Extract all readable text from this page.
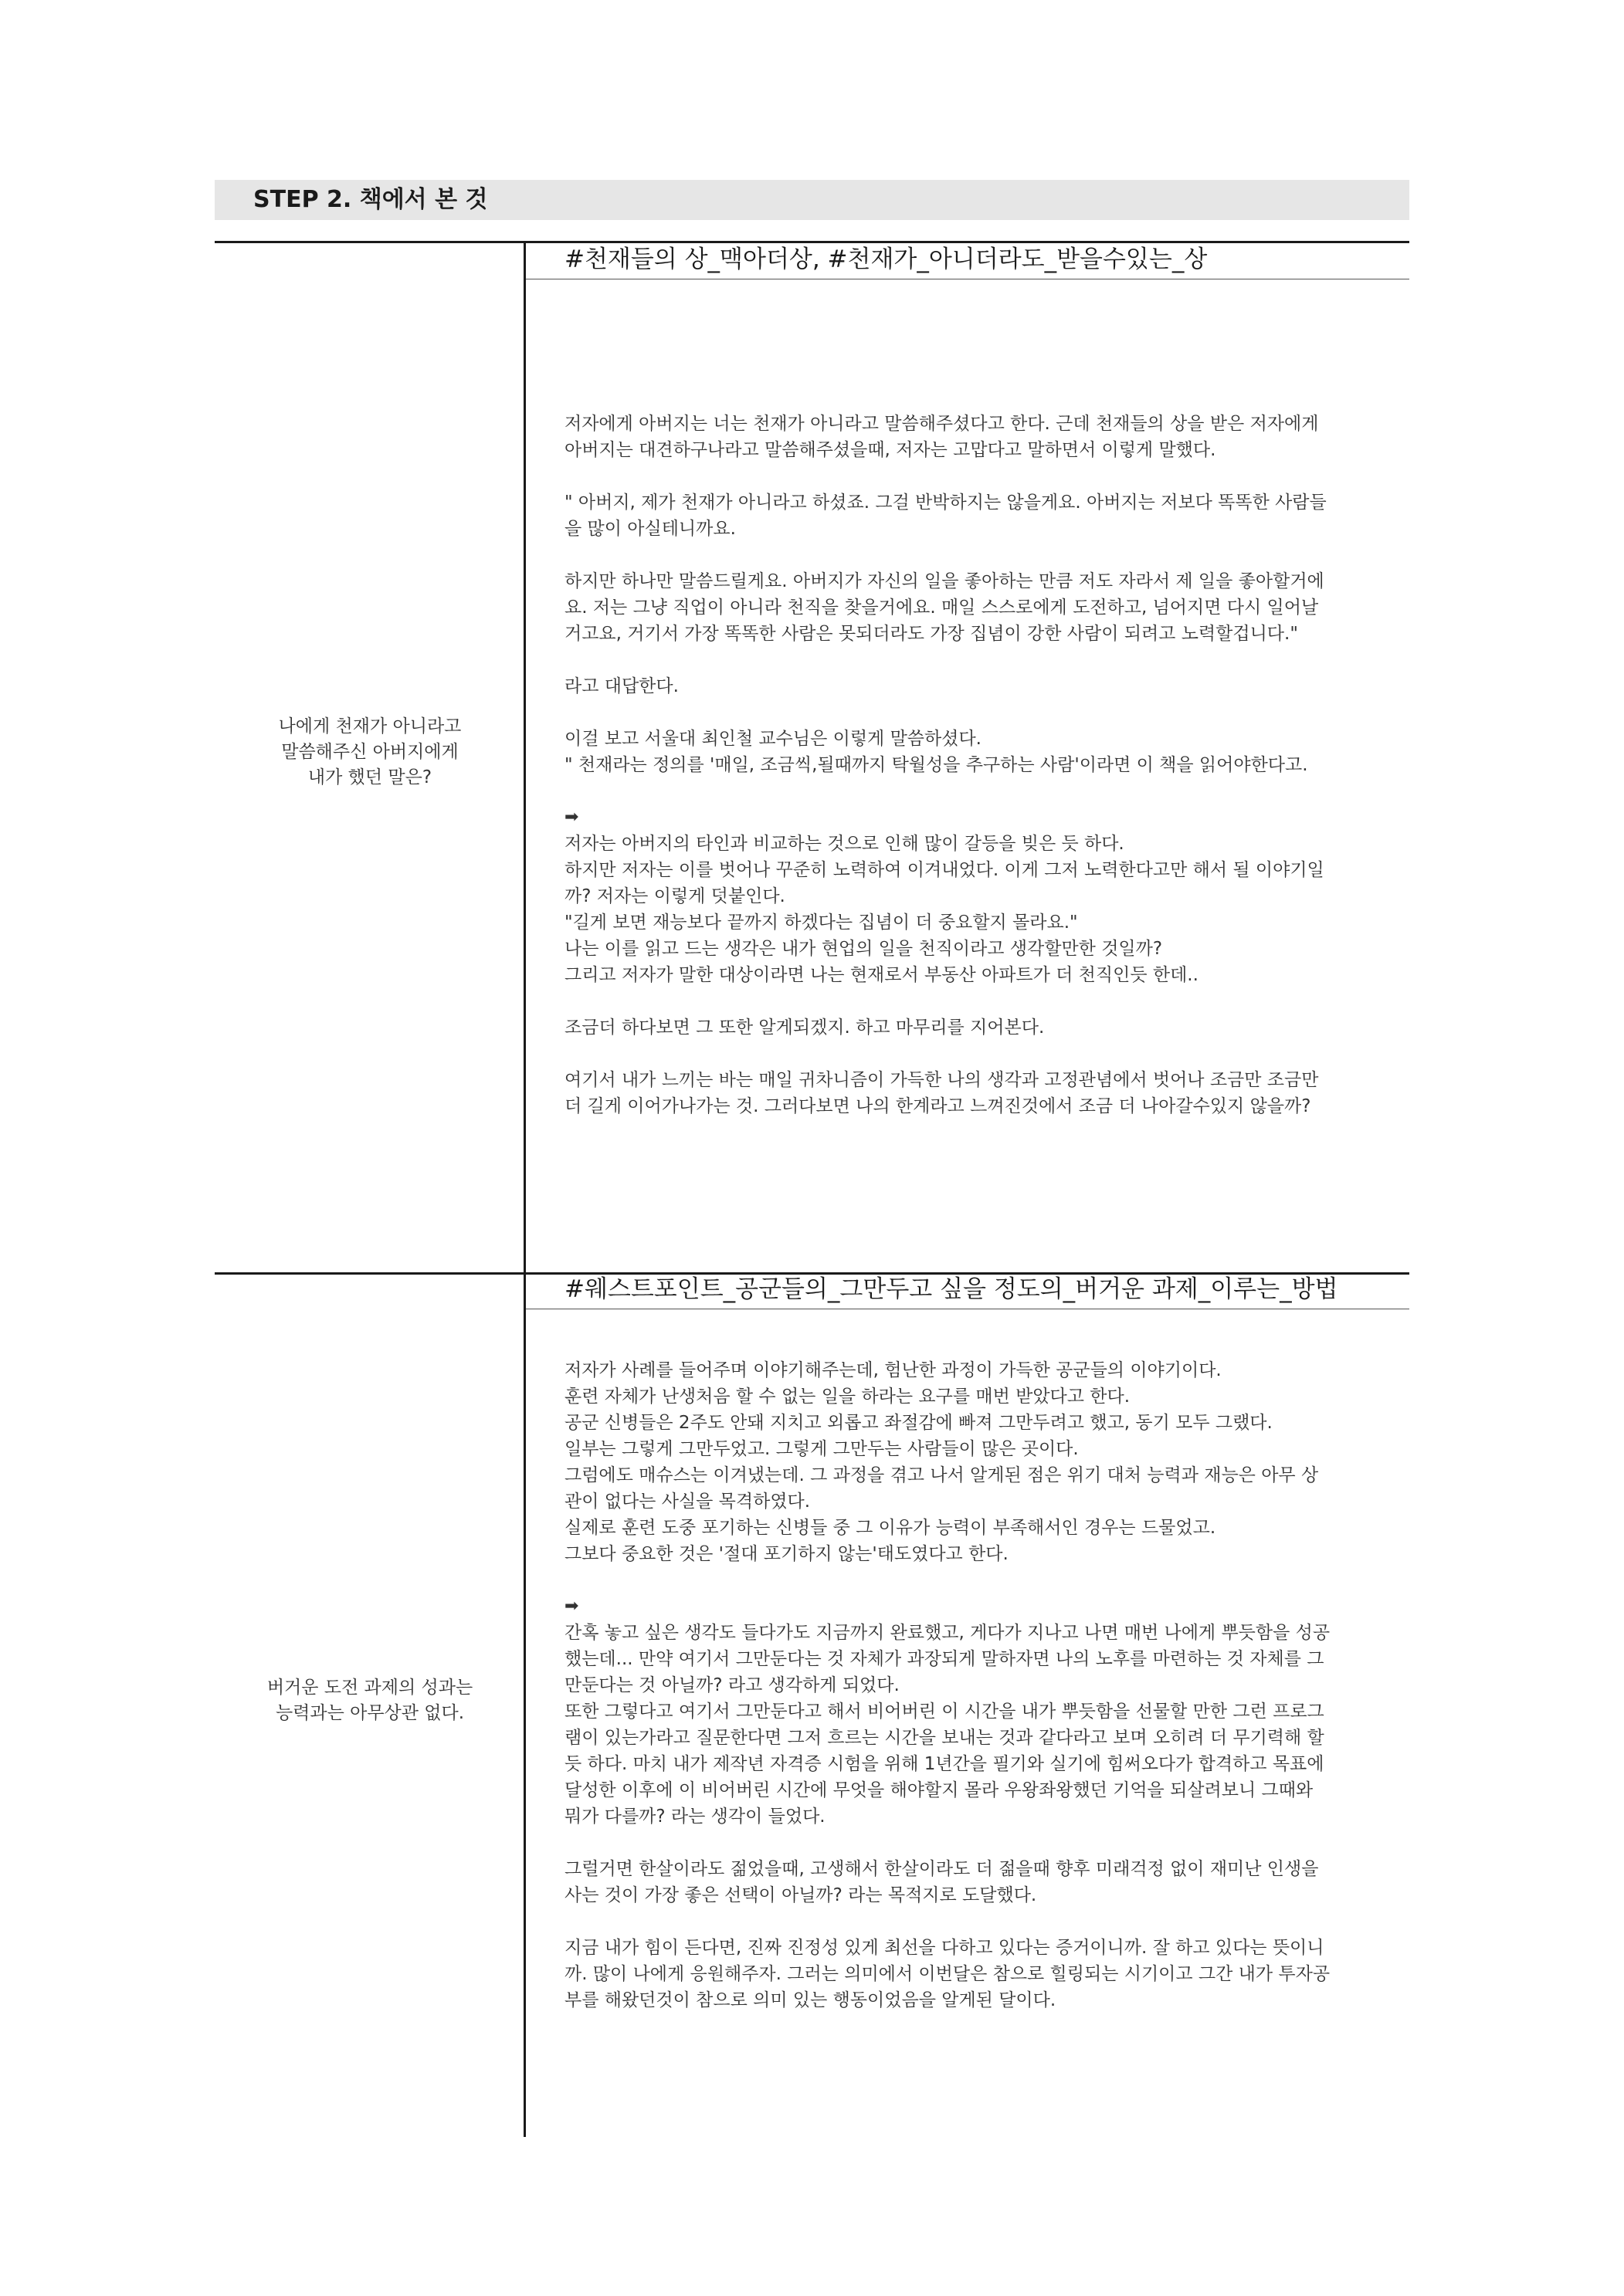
STEP 2. 책에서 본 것
#천재들의 상_맥아더상, #천재가_아니더라도_받을수있는_상
나에게 천재가 아니라고
말씀해주신 아버지에게
내가 했던 말은?

저자에게 아버지는 너는 천재가 아니라고 말씀해주셨다고 한다. 근데 천재들의 상을 받은 저자에게
아버지는 대견하구나라고 말씀해주셨을때, 저자는 고맙다고 말하면서 이렇게 말했다.

" 아버지, 제가 천재가 아니라고 하셨죠. 그걸 반박하지는 않을게요. 아버지는 저보다 똑똑한 사람들
을 많이 아실테니까요.

하지만 하나만 말씀드릴게요. 아버지가 자신의 일을 좋아하는 만큼 저도 자라서 제 일을 좋아할거에
요. 저는 그냥 직업이 아니라 천직을 찾을거에요. 매일 스스로에게 도전하고, 넘어지면 다시 일어날
거고요, 거기서 가장 똑똑한 사람은 못되더라도 가장 집념이 강한 사람이 되려고 노력할겁니다."

라고 대답한다.

이걸 보고 서울대 최인철 교수님은 이렇게 말씀하셨다.
" 천재라는 정의를 '매일, 조금씩,될때까지 탁월성을 추구하는 사람'이라면 이 책을 읽어야한다고.

➡

저자는 아버지의 타인과 비교하는 것으로 인해 많이 갈등을 빚은 듯 하다.
하지만 저자는 이를 벗어나 꾸준히 노력하여 이겨내었다. 이게 그저 노력한다고만 해서 될 이야기일
까? 저자는 이렇게 덧붙인다.
"길게 보면 재능보다 끝까지 하겠다는 집념이 더 중요할지 몰라요."
나는 이를 읽고 드는 생각은 내가 현업의 일을 천직이라고 생각할만한 것일까?
그리고 저자가 말한 대상이라면 나는 현재로서 부동산 아파트가 더 천직인듯 한데..

조금더 하다보면 그 또한 알게되겠지. 하고 마무리를 지어본다.

여기서 내가 느끼는 바는 매일 귀차니즘이 가득한 나의 생각과 고정관념에서 벗어나 조금만 조금만
더 길게 이어가나가는 것. 그러다보면 나의 한계라고 느껴진것에서 조금 더 나아갈수있지 않을까?

#웨스트포인트_공군들의_그만두고 싶을 정도의_버거운 과제_이루는_방법
버거운 도전 과제의 성과는
능력과는 아무상관 없다.

저자가 사례를 들어주며 이야기해주는데, 험난한 과정이 가득한 공군들의 이야기이다.
훈련 자체가 난생처음 할 수 없는 일을 하라는 요구를 매번 받았다고 한다.
공군 신병들은 2주도 안돼 지치고 외롭고 좌절감에 빠져 그만두려고 했고, 동기 모두 그랬다.
일부는 그렇게 그만두었고. 그렇게 그만두는 사람들이 많은 곳이다.
그럼에도 매슈스는 이겨냈는데. 그 과정을 겪고 나서 알게된 점은 위기 대처 능력과 재능은 아무 상
관이 없다는 사실을 목격하였다.
실제로 훈련 도중 포기하는 신병들 중 그 이유가 능력이 부족해서인 경우는 드물었고.
그보다 중요한 것은 '절대 포기하지 않는'태도였다고 한다.

➡

간혹 놓고 싶은 생각도 들다가도 지금까지 완료했고, 게다가 지나고 나면 매번 나에게 뿌듯함을 성공
했는데... 만약 여기서 그만둔다는 것 자체가 과장되게 말하자면 나의 노후를 마련하는 것 자체를 그
만둔다는 것 아닐까? 라고 생각하게 되었다.
또한 그렇다고 여기서 그만둔다고 해서 비어버린 이 시간을 내가 뿌듯함을 선물할 만한 그런 프로그
램이 있는가라고 질문한다면 그저 흐르는 시간을 보내는 것과 같다라고 보며 오히려 더 무기력해 할
듯 하다. 마치 내가 제작년 자격증 시험을 위해 1년간을 필기와 실기에 힘써오다가 합격하고 목표에
달성한 이후에 이 비어버린 시간에 무엇을 해야할지 몰라 우왕좌왕했던 기억을 되살려보니 그때와
뭐가 다를까? 라는 생각이 들었다.

그럴거면 한살이라도 젊었을때, 고생해서 한살이라도 더 젊을때 향후 미래걱정 없이 재미난 인생을
사는 것이 가장 좋은 선택이 아닐까? 라는 목적지로 도달했다.

지금 내가 힘이 든다면, 진짜 진정성 있게 최선을 다하고 있다는 증거이니까. 잘 하고 있다는 뜻이니
까. 많이 나에게 응원해주자. 그러는 의미에서 이번달은 참으로 힐링되는 시기이고 그간 내가 투자공
부를 해왔던것이 참으로 의미 있는 행동이었음을 알게된 달이다.
